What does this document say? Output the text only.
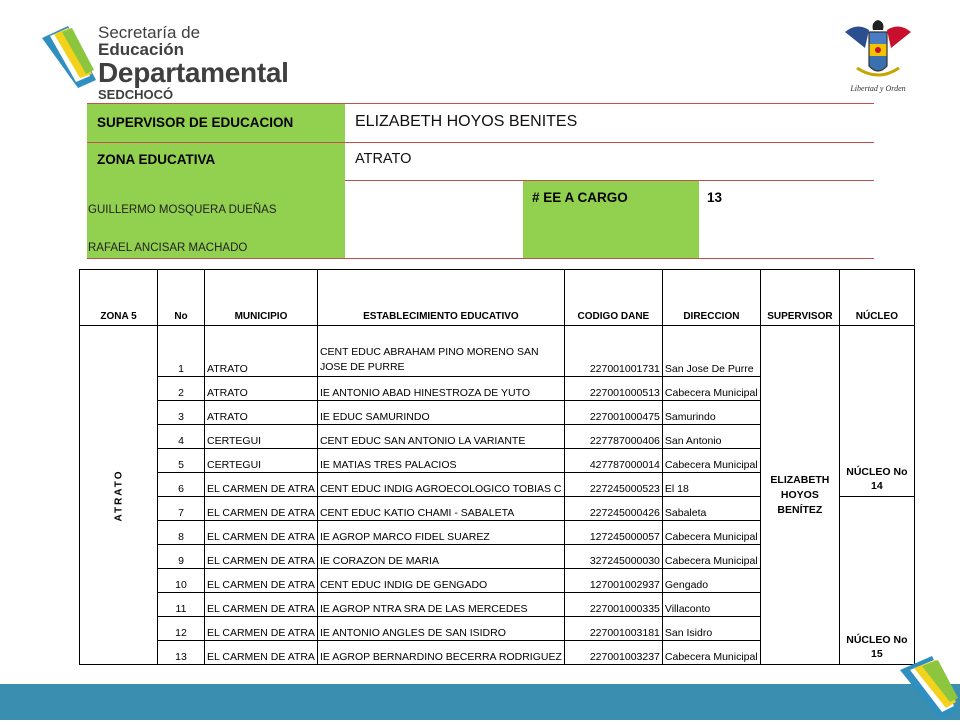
Secretaría de Educación
Departamental
SEDCHOCÓ	Libertad y Orden
SUPERVISOR DE EDUCACION	ELIZABETH HOYOS BENITES
ZONA EDUCATIVA
GUILLERMO MOSQUERA DUEÑAS
RAFAEL ANCISAR MACHADO
ATRATO
# EE A CARGO	13
ZONA 5	No	MUNICIPIO	ESTABLECIMIENTO EDUCATIVO	CODIGO DANE	DIRECCION	SUPERVISOR	NÚCLEO
ATRATO	1	ATRATO	CENT EDUC ABRAHAM PINO MORENO SAN JOSE DE PURRE	227001001731	San Jose De Purre	ELIZABETH HOYOS BENÍTEZ	NÚCLEO No 14
	2	ATRATO	IE ANTONIO ABAD HINESTROZA DE YUTO	227001000513	Cabecera Municipal		
	3	ATRATO	IE EDUC SAMURINDO	227001000475	Samurindo		
	4	CERTEGUI	CENT EDUC SAN ANTONIO LA VARIANTE	227787000406	San Antonio		
	5	CERTEGUI	IE MATIAS TRES PALACIOS	427787000014	Cabecera Municipal		
	6	EL CARMEN DE ATRA	CENT EDUC INDIG AGROECOLOGICO TOBIAS C	227245000523	El 18		
	7	EL CARMEN DE ATRA	CENT EDUC KATIO CHAMI - SABALETA	227245000426	Sabaleta		NÚCLEO No 15
	8	EL CARMEN DE ATRA	IE AGROP MARCO FIDEL SUAREZ	127245000057	Cabecera Municipal		
	9	EL CARMEN DE ATRA	IE CORAZON DE MARIA	327245000030	Cabecera Municipal		
	10	EL CARMEN DE ATRA	CENT EDUC INDIG DE GENGADO	127001002937	Gengado		
	11	EL CARMEN DE ATRA	IE AGROP NTRA SRA DE LAS MERCEDES	227001000335	Villaconto		
	12	EL CARMEN DE ATRA	IE ANTONIO ANGLES DE SAN ISIDRO	227001003181	San Isidro		
	13	EL CARMEN DE ATRA	IE AGROP BERNARDINO BECERRA RODRIGUEZ	227001003237	Cabecera Municipal		
